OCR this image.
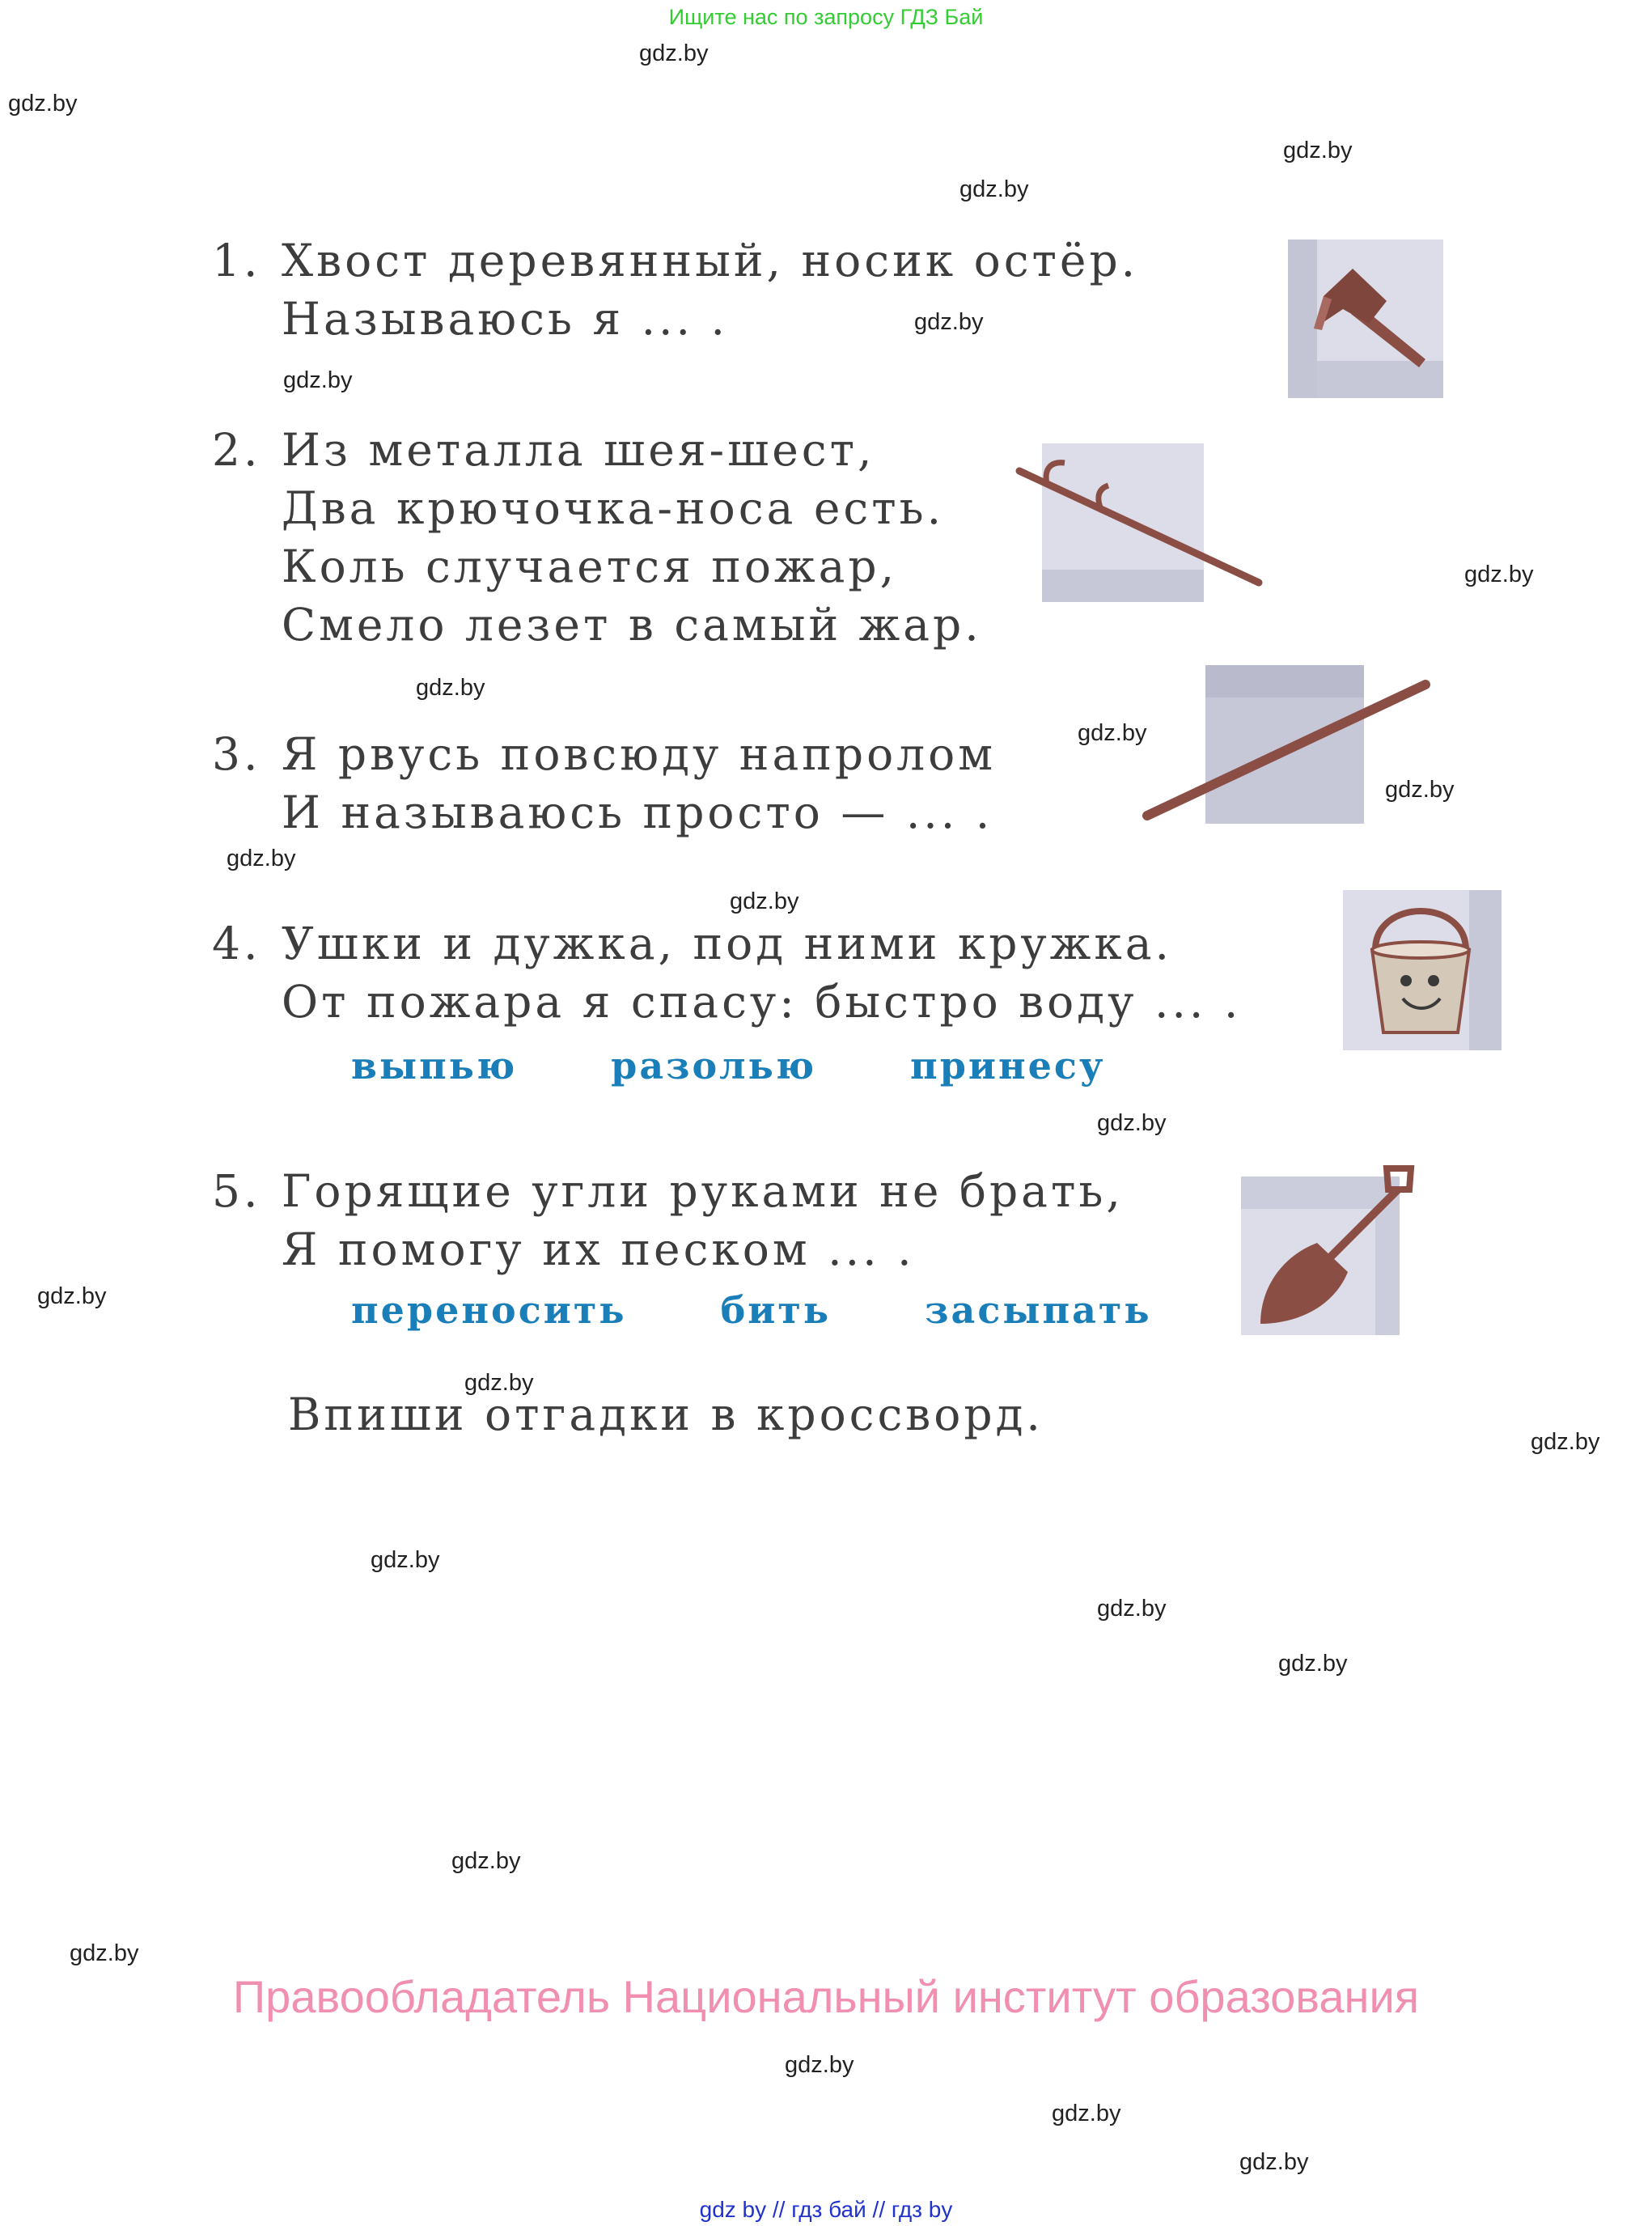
Ищите нас по запросу ГДЗ Бай
gdz.by
gdz.by
gdz.by
gdz.by
gdz.by
gdz.by
gdz.by
gdz.by
gdz.by
gdz.by
gdz.by
gdz.by
gdz.by
gdz.by
gdz.by
gdz.by
gdz.by
gdz.by
gdz.by
gdz.by
gdz.by
gdz.by
gdz.by
gdz.by
1. Хвост деревянный, носик остёр.
Называюсь я ... .
2. Из металла шея-шест,
Два крючочка-носа есть.
Коль случается пожар,
Смело лезет в самый жар.
3. Я рвусь повсюду напролом
И называюсь просто — ... .
4. Ушки и дужка, под ними кружка.
От пожара я спасу: быстро воду ... .
выпью	разолью	принесу
5. Горящие угли руками не брать,
Я помогу их песком ... .
переносить	бить	засыпать
Впиши отгадки в кроссворд.
Правообладатель Национальный институт образования
gdz by // гдз бай // гдз by
